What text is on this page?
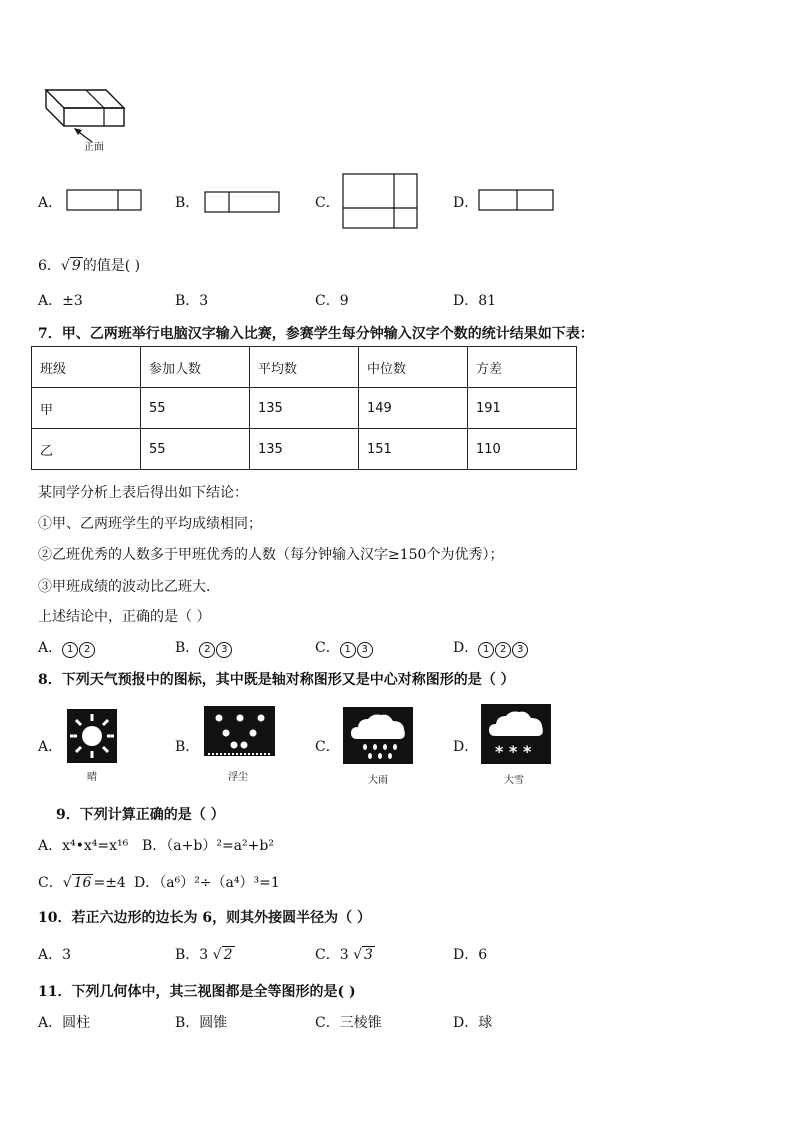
正面
A．	B．	C．	D．
6．√ 9 的值是( )
A．±3	B．3	C．9	D．81
7．甲、乙两班举行电脑汉字输入比赛，参赛学生每分钟输入汉字个数的统计结果如下表：
班级	参加人数	平均数	中位数	方差
甲	55	135	149	191
乙	55	135	151	110
某同学分析上表后得出如下结论：
①甲、乙两班学生的平均成绩相同；
②乙班优秀的人数多于甲班优秀的人数（每分钟输入汉字≥150个为优秀）；
③甲班成绩的波动比乙班大．
上述结论中，正确的是（ ）
A． 1 2	B． 2 3	C． 1 3	D． 1 2 3
8．下列天气预报中的图标，其中既是轴对称图形又是中心对称图形的是（ ）
A．
晴
B．
浮尘
C．
大雨
D． * * *
大雪
9．下列计算正确的是（ ）
A．x⁴•x⁴=x¹⁶ B．（a+b）²=a²+b²
C．√ 16 =±4 D．（a⁶）²÷（a⁴）³=1
10．若正六边形的边长为 6，则其外接圆半径为（ ）
A．3	B．3 √ 2	C．3 √ 3	D．6
11．下列几何体中，其三视图都是全等图形的是( )
A．圆柱	B．圆锥	C．三棱锥	D．球
